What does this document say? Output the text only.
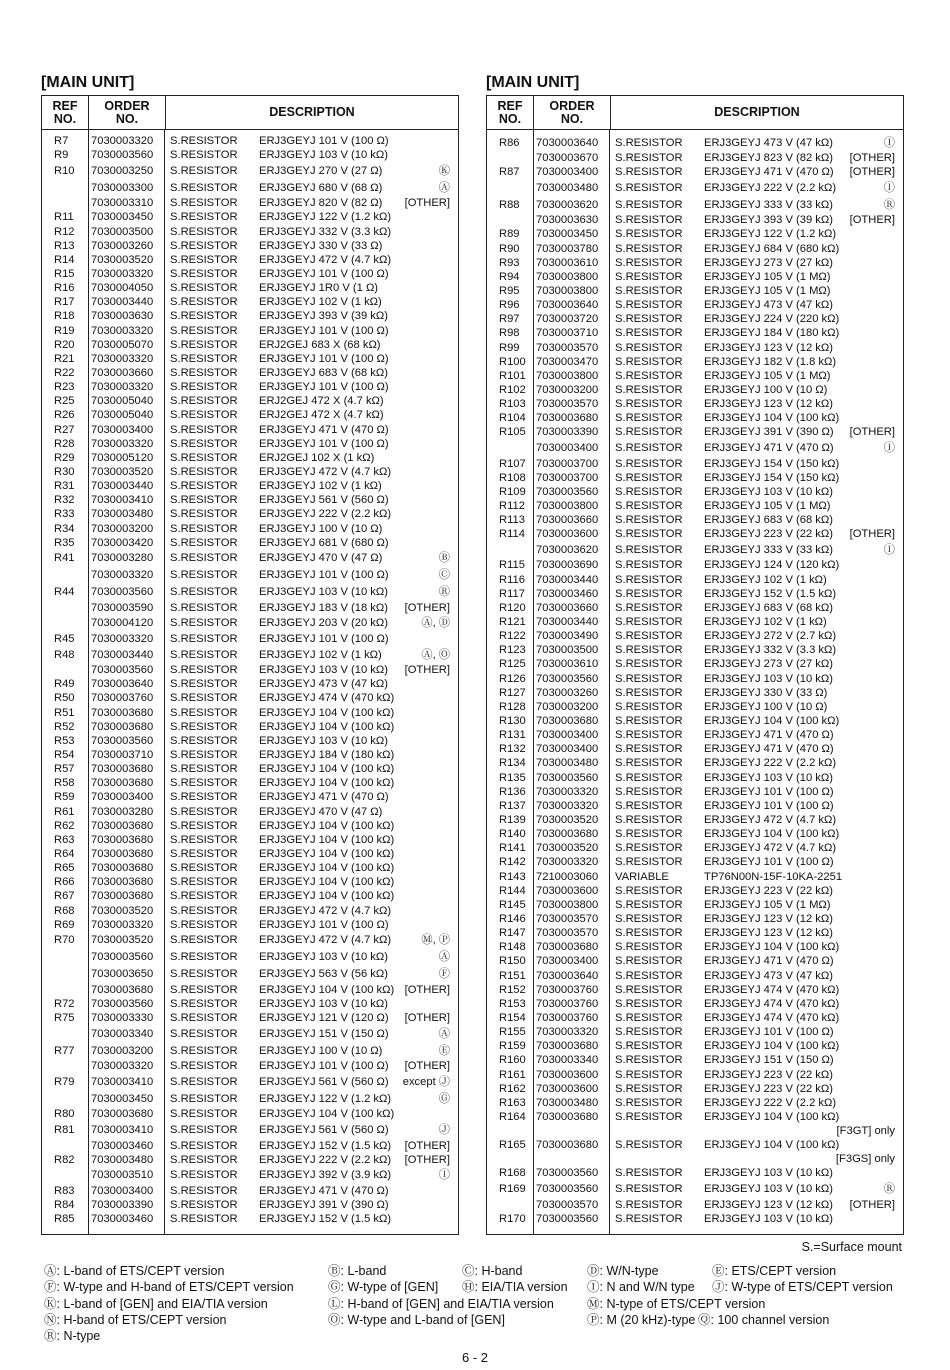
[MAIN UNIT]
REF
NO.
ORDER
NO.	DESCRIPTION
R7	7030003320	S.RESISTOR	ERJ3GEYJ 101 V (100 Ω)
R9	7030003560	S.RESISTOR	ERJ3GEYJ 103 V (10 kΩ)
R10	7030003250	S.RESISTOR	ERJ3GEYJ 270 V (27 Ω)	Ⓚ
7030003300	S.RESISTOR	ERJ3GEYJ 680 V (68 Ω)	Ⓐ
7030003310	S.RESISTOR	ERJ3GEYJ 820 V (82 Ω) [OTHER]
R11	7030003450	S.RESISTOR	ERJ3GEYJ 122 V (1.2 kΩ)
R12	7030003500	S.RESISTOR	ERJ3GEYJ 332 V (3.3 kΩ)
R13	7030003260	S.RESISTOR	ERJ3GEYJ 330 V (33 Ω)
R14	7030003520	S.RESISTOR	ERJ3GEYJ 472 V (4.7 kΩ)
R15	7030003320	S.RESISTOR	ERJ3GEYJ 101 V (100 Ω)
R16	7030004050	S.RESISTOR	ERJ3GEYJ 1R0 V (1 Ω)
R17	7030003440	S.RESISTOR	ERJ3GEYJ 102 V (1 kΩ)
R18	7030003630	S.RESISTOR	ERJ3GEYJ 393 V (39 kΩ)
R19	7030003320	S.RESISTOR	ERJ3GEYJ 101 V (100 Ω)
R20	7030005070	S.RESISTOR	ERJ2GEJ 683 X (68 kΩ)
R21	7030003320	S.RESISTOR	ERJ3GEYJ 101 V (100 Ω)
R22	7030003660	S.RESISTOR	ERJ3GEYJ 683 V (68 kΩ)
R23	7030003320	S.RESISTOR	ERJ3GEYJ 101 V (100 Ω)
R25	7030005040	S.RESISTOR	ERJ2GEJ 472 X (4.7 kΩ)
R26	7030005040	S.RESISTOR	ERJ2GEJ 472 X (4.7 kΩ)
R27	7030003400	S.RESISTOR	ERJ3GEYJ 471 V (470 Ω)
R28	7030003320	S.RESISTOR	ERJ3GEYJ 101 V (100 Ω)
R29	7030005120	S.RESISTOR	ERJ2GEJ 102 X (1 kΩ)
R30	7030003520	S.RESISTOR	ERJ3GEYJ 472 V (4.7 kΩ)
R31	7030003440	S.RESISTOR	ERJ3GEYJ 102 V (1 kΩ)
R32	7030003410	S.RESISTOR	ERJ3GEYJ 561 V (560 Ω)
R33	7030003480	S.RESISTOR	ERJ3GEYJ 222 V (2.2 kΩ)
R34	7030003200	S.RESISTOR	ERJ3GEYJ 100 V (10 Ω)
R35	7030003420	S.RESISTOR	ERJ3GEYJ 681 V (680 Ω)
R41	7030003280	S.RESISTOR	ERJ3GEYJ 470 V (47 Ω)	Ⓑ
7030003320	S.RESISTOR	ERJ3GEYJ 101 V (100 Ω)	Ⓒ
R44	7030003560	S.RESISTOR	ERJ3GEYJ 103 V (10 kΩ)	Ⓡ
7030003590	S.RESISTOR	ERJ3GEYJ 183 V (18 kΩ) [OTHER]
7030004120	S.RESISTOR	ERJ3GEYJ 203 V (20 kΩ)	Ⓐ, Ⓓ
R45	7030003320	S.RESISTOR	ERJ3GEYJ 101 V (100 Ω)
R48	7030003440	S.RESISTOR	ERJ3GEYJ 102 V (1 kΩ)	Ⓐ, Ⓞ
7030003560	S.RESISTOR	ERJ3GEYJ 103 V (10 kΩ) [OTHER]
R49	7030003640	S.RESISTOR	ERJ3GEYJ 473 V (47 kΩ)
R50	7030003760	S.RESISTOR	ERJ3GEYJ 474 V (470 kΩ)
R51	7030003680	S.RESISTOR	ERJ3GEYJ 104 V (100 kΩ)
R52	7030003680	S.RESISTOR	ERJ3GEYJ 104 V (100 kΩ)
R53	7030003560	S.RESISTOR	ERJ3GEYJ 103 V (10 kΩ)
R54	7030003710	S.RESISTOR	ERJ3GEYJ 184 V (180 kΩ)
R57	7030003680	S.RESISTOR	ERJ3GEYJ 104 V (100 kΩ)
R58	7030003680	S.RESISTOR	ERJ3GEYJ 104 V (100 kΩ)
R59	7030003400	S.RESISTOR	ERJ3GEYJ 471 V (470 Ω)
R61	7030003280	S.RESISTOR	ERJ3GEYJ 470 V (47 Ω)
R62	7030003680	S.RESISTOR	ERJ3GEYJ 104 V (100 kΩ)
R63	7030003680	S.RESISTOR	ERJ3GEYJ 104 V (100 kΩ)
R64	7030003680	S.RESISTOR	ERJ3GEYJ 104 V (100 kΩ)
R65	7030003680	S.RESISTOR	ERJ3GEYJ 104 V (100 kΩ)
R66	7030003680	S.RESISTOR	ERJ3GEYJ 104 V (100 kΩ)
R67	7030003680	S.RESISTOR	ERJ3GEYJ 104 V (100 kΩ)
R68	7030003520	S.RESISTOR	ERJ3GEYJ 472 V (4.7 kΩ)
R69	7030003320	S.RESISTOR	ERJ3GEYJ 101 V (100 Ω)
R70	7030003520	S.RESISTOR	ERJ3GEYJ 472 V (4.7 kΩ)	Ⓜ, Ⓟ
7030003560	S.RESISTOR	ERJ3GEYJ 103 V (10 kΩ)	Ⓐ
7030003650	S.RESISTOR	ERJ3GEYJ 563 V (56 kΩ)	Ⓕ
7030003680	S.RESISTOR	ERJ3GEYJ 104 V (100 kΩ) [OTHER]
R72	7030003560	S.RESISTOR	ERJ3GEYJ 103 V (10 kΩ)
R75	7030003330	S.RESISTOR	ERJ3GEYJ 121 V (120 Ω) [OTHER]
7030003340	S.RESISTOR	ERJ3GEYJ 151 V (150 Ω)	Ⓐ
R77	7030003200	S.RESISTOR	ERJ3GEYJ 100 V (10 Ω)	Ⓔ
7030003320	S.RESISTOR	ERJ3GEYJ 101 V (100 Ω) [OTHER]
R79	7030003410	S.RESISTOR	ERJ3GEYJ 561 V (560 Ω) except Ⓙ
7030003450	S.RESISTOR	ERJ3GEYJ 122 V (1.2 kΩ)	Ⓖ
R80	7030003680	S.RESISTOR	ERJ3GEYJ 104 V (100 kΩ)
R81	7030003410	S.RESISTOR	ERJ3GEYJ 561 V (560 Ω)	Ⓙ
7030003460	S.RESISTOR	ERJ3GEYJ 152 V (1.5 kΩ) [OTHER]
R82	7030003480	S.RESISTOR	ERJ3GEYJ 222 V (2.2 kΩ) [OTHER]
7030003510	S.RESISTOR	ERJ3GEYJ 392 V (3.9 kΩ)	Ⓘ
R83	7030003400	S.RESISTOR	ERJ3GEYJ 471 V (470 Ω)
R84	7030003390	S.RESISTOR	ERJ3GEYJ 391 V (390 Ω)
R85	7030003460	S.RESISTOR	ERJ3GEYJ 152 V (1.5 kΩ)
[MAIN UNIT]
REF
NO.
ORDER
NO.	DESCRIPTION
R86	7030003640	S.RESISTOR	ERJ3GEYJ 473 V (47 kΩ)	Ⓘ
7030003670	S.RESISTOR	ERJ3GEYJ 823 V (82 kΩ) [OTHER]
R87	7030003400	S.RESISTOR	ERJ3GEYJ 471 V (470 Ω) [OTHER]
7030003480	S.RESISTOR	ERJ3GEYJ 222 V (2.2 kΩ)	Ⓘ
R88	7030003620	S.RESISTOR	ERJ3GEYJ 333 V (33 kΩ)	Ⓡ
7030003630	S.RESISTOR	ERJ3GEYJ 393 V (39 kΩ) [OTHER]
R89	7030003450	S.RESISTOR	ERJ3GEYJ 122 V (1.2 kΩ)
R90	7030003780	S.RESISTOR	ERJ3GEYJ 684 V (680 kΩ)
R93	7030003610	S.RESISTOR	ERJ3GEYJ 273 V (27 kΩ)
R94	7030003800	S.RESISTOR	ERJ3GEYJ 105 V (1 MΩ)
R95	7030003800	S.RESISTOR	ERJ3GEYJ 105 V (1 MΩ)
R96	7030003640	S.RESISTOR	ERJ3GEYJ 473 V (47 kΩ)
R97	7030003720	S.RESISTOR	ERJ3GEYJ 224 V (220 kΩ)
R98	7030003710	S.RESISTOR	ERJ3GEYJ 184 V (180 kΩ)
R99	7030003570	S.RESISTOR	ERJ3GEYJ 123 V (12 kΩ)
R100 7030003470	S.RESISTOR	ERJ3GEYJ 182 V (1.8 kΩ)
R101 7030003800	S.RESISTOR	ERJ3GEYJ 105 V (1 MΩ)
R102 7030003200	S.RESISTOR	ERJ3GEYJ 100 V (10 Ω)
R103 7030003570	S.RESISTOR	ERJ3GEYJ 123 V (12 kΩ)
R104 7030003680	S.RESISTOR	ERJ3GEYJ 104 V (100 kΩ)
R105 7030003390	S.RESISTOR	ERJ3GEYJ 391 V (390 Ω) [OTHER]
7030003400	S.RESISTOR	ERJ3GEYJ 471 V (470 Ω)	Ⓘ
R107 7030003700	S.RESISTOR	ERJ3GEYJ 154 V (150 kΩ)
R108 7030003700	S.RESISTOR	ERJ3GEYJ 154 V (150 kΩ)
R109 7030003560	S.RESISTOR	ERJ3GEYJ 103 V (10 kΩ)
R112 7030003800	S.RESISTOR	ERJ3GEYJ 105 V (1 MΩ)
R113 7030003660	S.RESISTOR	ERJ3GEYJ 683 V (68 kΩ)
R114 7030003600	S.RESISTOR	ERJ3GEYJ 223 V (22 kΩ) [OTHER]
7030003620	S.RESISTOR	ERJ3GEYJ 333 V (33 kΩ)	Ⓘ
R115 7030003690	S.RESISTOR	ERJ3GEYJ 124 V (120 kΩ)
R116 7030003440	S.RESISTOR	ERJ3GEYJ 102 V (1 kΩ)
R117 7030003460	S.RESISTOR	ERJ3GEYJ 152 V (1.5 kΩ)
R120 7030003660	S.RESISTOR	ERJ3GEYJ 683 V (68 kΩ)
R121 7030003440	S.RESISTOR	ERJ3GEYJ 102 V (1 kΩ)
R122 7030003490	S.RESISTOR	ERJ3GEYJ 272 V (2.7 kΩ)
R123 7030003500	S.RESISTOR	ERJ3GEYJ 332 V (3.3 kΩ)
R125 7030003610	S.RESISTOR	ERJ3GEYJ 273 V (27 kΩ)
R126 7030003560	S.RESISTOR	ERJ3GEYJ 103 V (10 kΩ)
R127 7030003260	S.RESISTOR	ERJ3GEYJ 330 V (33 Ω)
R128 7030003200	S.RESISTOR	ERJ3GEYJ 100 V (10 Ω)
R130 7030003680	S.RESISTOR	ERJ3GEYJ 104 V (100 kΩ)
R131 7030003400	S.RESISTOR	ERJ3GEYJ 471 V (470 Ω)
R132 7030003400	S.RESISTOR	ERJ3GEYJ 471 V (470 Ω)
R134 7030003480	S.RESISTOR	ERJ3GEYJ 222 V (2.2 kΩ)
R135 7030003560	S.RESISTOR	ERJ3GEYJ 103 V (10 kΩ)
R136 7030003320	S.RESISTOR	ERJ3GEYJ 101 V (100 Ω)
R137 7030003320	S.RESISTOR	ERJ3GEYJ 101 V (100 Ω)
R139 7030003520	S.RESISTOR	ERJ3GEYJ 472 V (4.7 kΩ)
R140 7030003680	S.RESISTOR	ERJ3GEYJ 104 V (100 kΩ)
R141 7030003520	S.RESISTOR	ERJ3GEYJ 472 V (4.7 kΩ)
R142 7030003320	S.RESISTOR	ERJ3GEYJ 101 V (100 Ω)
R143 7210003060	VARIABLE	TP76N00N-15F-10KA-2251
R144 7030003600	S.RESISTOR	ERJ3GEYJ 223 V (22 kΩ)
R145 7030003800	S.RESISTOR	ERJ3GEYJ 105 V (1 MΩ)
R146 7030003570	S.RESISTOR	ERJ3GEYJ 123 V (12 kΩ)
R147 7030003570	S.RESISTOR	ERJ3GEYJ 123 V (12 kΩ)
R148 7030003680	S.RESISTOR	ERJ3GEYJ 104 V (100 kΩ)
R150 7030003400	S.RESISTOR	ERJ3GEYJ 471 V (470 Ω)
R151 7030003640	S.RESISTOR	ERJ3GEYJ 473 V (47 kΩ)
R152 7030003760	S.RESISTOR	ERJ3GEYJ 474 V (470 kΩ)
R153 7030003760	S.RESISTOR	ERJ3GEYJ 474 V (470 kΩ)
R154 7030003760	S.RESISTOR	ERJ3GEYJ 474 V (470 kΩ)
R155 7030003320	S.RESISTOR	ERJ3GEYJ 101 V (100 Ω)
R159 7030003680	S.RESISTOR	ERJ3GEYJ 104 V (100 kΩ)
R160 7030003340	S.RESISTOR	ERJ3GEYJ 151 V (150 Ω)
R161 7030003600	S.RESISTOR	ERJ3GEYJ 223 V (22 kΩ)
R162 7030003600	S.RESISTOR	ERJ3GEYJ 223 V (22 kΩ)
R163 7030003480	S.RESISTOR	ERJ3GEYJ 222 V (2.2 kΩ)
R164 7030003680	S.RESISTOR	ERJ3GEYJ 104 V (100 kΩ)
[F3GT] only
R165 7030003680	S.RESISTOR	ERJ3GEYJ 104 V (100 kΩ)
[F3GS] only
R168 7030003560	S.RESISTOR	ERJ3GEYJ 103 V (10 kΩ)
R169 7030003560	S.RESISTOR	ERJ3GEYJ 103 V (10 kΩ)	Ⓡ
7030003570	S.RESISTOR	ERJ3GEYJ 123 V (12 kΩ) [OTHER]
R170 7030003560	S.RESISTOR	ERJ3GEYJ 103 V (10 kΩ)
S.=Surface mount
Ⓐ: L-band of ETS/CEPT version	Ⓑ: L-band	Ⓒ: H-band	Ⓓ: W/N-type	Ⓔ: ETS/CEPT version
Ⓕ: W-type and H-band of ETS/CEPT version	Ⓖ: W-type of [GEN] Ⓗ: EIA/TIA version Ⓘ: N and W/N type Ⓙ: W-type of ETS/CEPT version
Ⓚ: L-band of [GEN] and EIA/TIA version	Ⓛ: H-band of [GEN] and EIA/TIA version	Ⓜ: N-type of ETS/CEPT version
Ⓝ: H-band of ETS/CEPT version	Ⓞ: W-type and L-band of [GEN]	Ⓟ: M (20 kHz)-type Ⓠ: 100 channel version
Ⓡ: N-type
6 - 2
